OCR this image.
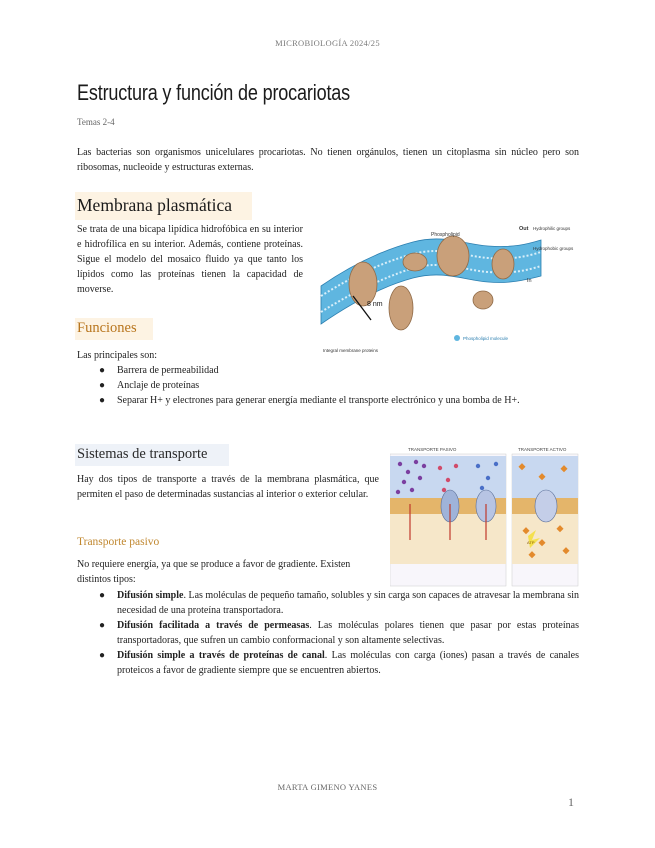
MICROBIOLOGÍA 2024/25
Estructura y función de procariotas
Temas 2-4
Las bacterias son organismos unicelulares procariotas. No tienen orgánulos, tienen un citoplasma sin núcleo pero son ribosomas, nucleoide y estructuras externas.
Membrana plasmática
Se trata de una bicapa lipídica hidrofóbica en su interior e hidrofílica en su interior. Además, contiene proteínas. Sigue el modelo del mosaico fluido ya que tanto los lípidos como las proteínas tienen la capacidad de moverse.
8 nm
Phospholipid
Out Hydrophilic groups
Hydrophobic groups
In
Integral membrane proteins
Phospholipid molecule
Funciones
Las principales son:
● Barrera de permeabilidad
● Anclaje de proteínas
● Separar H+ y electrones para generar energía mediante el transporte electrónico y una bomba de H+.
Sistemas de transporte
Hay dos tipos de transporte a través de la membrana plasmática, que permiten el paso de determinadas sustancias al interior o exterior celular.
TRANSPORTE PASIVO	TRANSPORTE ACTIVO
ATP
Transporte pasivo
No requiere energía, ya que se produce a favor de gradiente. Existen distintos tipos:
● Difusión simple. Las moléculas de pequeño tamaño, solubles y sin carga son capaces de atravesar la membrana sin necesidad de una proteína transportadora.
● Difusión facilitada a través de permeasas. Las moléculas polares tienen que pasar por estas proteínas transportadoras, que sufren un cambio conformacional y son altamente selectivas.
● Difusión simple a través de proteínas de canal. Las moléculas con carga (iones) pasan a través de canales proteicos a favor de gradiente siempre que se encuentren abiertos.
MARTA GIMENO YANES
1
